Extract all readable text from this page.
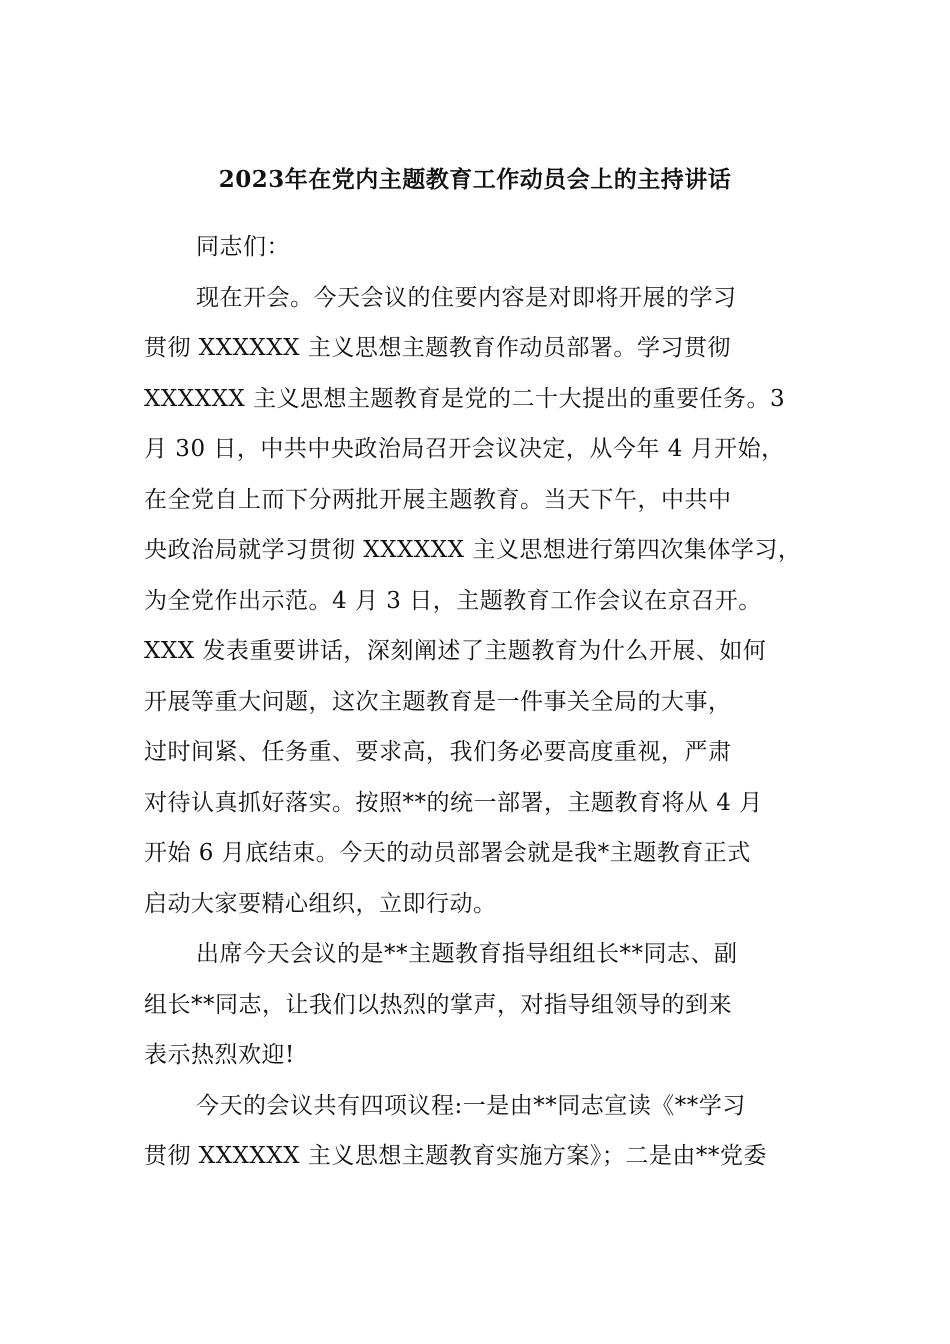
2023年在党内主题教育工作动员会上的主持讲话
同志们：
现在开会。今天会议的住要内容是对即将开展的学习
贯彻 XXXXXX 主义思想主题教育作动员部署。学习贯彻
XXXXXX 主义思想主题教育是党的二十大提出的重要任务。3
月 30 日，中共中央政治局召开会议决定，从今年 4 月开始，
在全党自上而下分两批开展主题教育。当天下午，中共中
央政治局就学习贯彻 XXXXXX 主义思想进行第四次集体学习，
为全党作出示范。4 月 3 日，主题教育工作会议在京召开。
XXX 发表重要讲话，深刻阐述了主题教育为什么开展、如何
开展等重大问题，这次主题教育是一件事关全局的大事，
过时间紧、任务重、要求高，我们务必要高度重视，严肃
对待认真抓好落实。按照**的统一部署，主题教育将从 4 月
开始 6 月底结束。今天的动员部署会就是我*主题教育正式
启动大家要精心组织，立即行动。
出席今天会议的是**主题教育指导组组长**同志、副
组长**同志，让我们以热烈的掌声，对指导组领导的到来
表示热烈欢迎!
今天的会议共有四项议程:一是由**同志宣读《**学习
贯彻 XXXXXX 主义思想主题教育实施方案》；二是由**党委
